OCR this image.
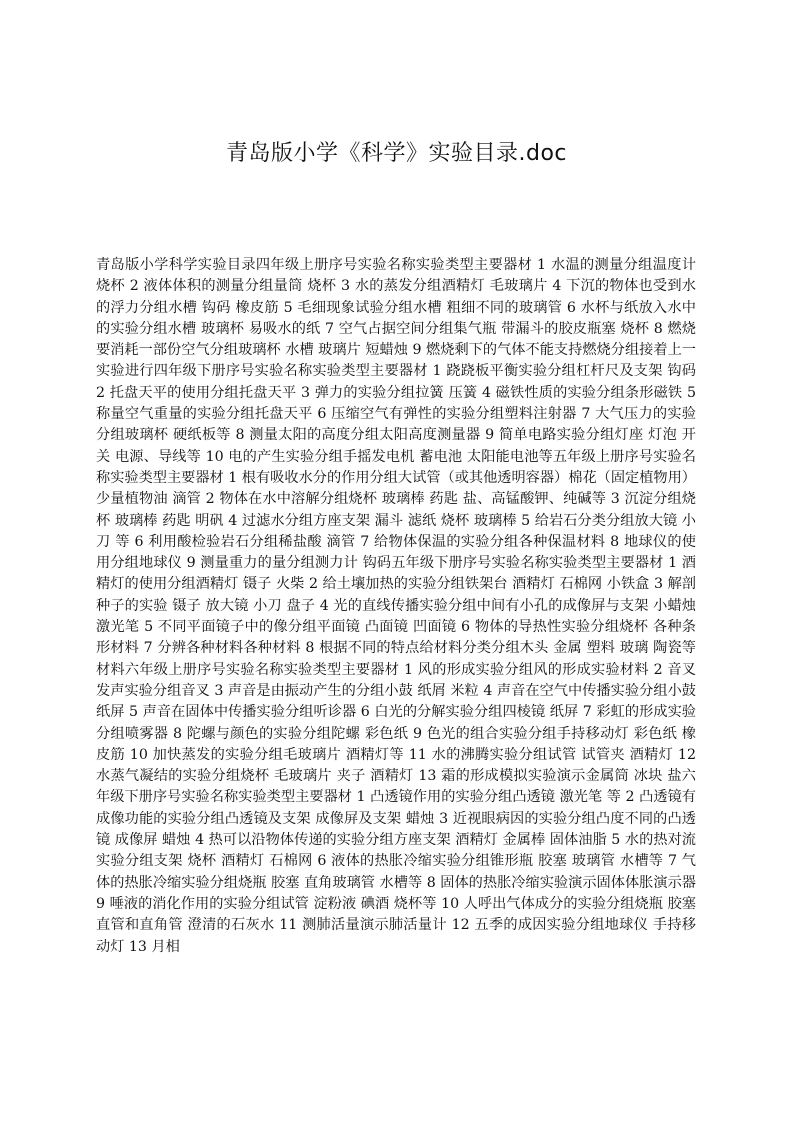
青岛版小学《科学》实验目录.doc

青岛版小学科学实验目录四年级上册序号实验名称实验类型主要器材 1 水温的测量分组温度计 烧杯 2 液体体积的测量分组量筒 烧杯 3 水的蒸发分组酒精灯 毛玻璃片 4 下沉的物体也受到水的浮力分组水槽 钩码 橡皮筋 5 毛细现象试验分组水槽 粗细不同的玻璃管 6 水杯与纸放入水中的实验分组水槽 玻璃杯 易吸水的纸 7 空气占据空间分组集气瓶 带漏斗的胶皮瓶塞 烧杯 8 燃烧要消耗一部份空气分组玻璃杯 水槽 玻璃片 短蜡烛 9 燃烧剩下的气体不能支持燃烧分组接着上一实验进行四年级下册序号实验名称实验类型主要器材 1 跷跷板平衡实验分组杠杆尺及支架 钩码 2 托盘天平的使用分组托盘天平 3 弹力的实验分组拉簧 压簧 4 磁铁性质的实验分组条形磁铁 5 称量空气重量的实验分组托盘天平 6 压缩空气有弹性的实验分组塑料注射器 7 大气压力的实验分组玻璃杯 硬纸板等 8 测量太阳的高度分组太阳高度测量器 9 简单电路实验分组灯座 灯泡 开关 电源、导线等 10 电的产生实验分组手摇发电机 蓄电池 太阳能电池等五年级上册序号实验名称实验类型主要器材 1 根有吸收水分的作用分组大试管（或其他透明容器）棉花（固定植物用） 少量植物油 滴管 2 物体在水中溶解分组烧杯 玻璃棒 药匙 盐、高锰酸钾、纯碱等 3 沉淀分组烧杯 玻璃棒 药匙 明矾 4 过滤水分组方座支架 漏斗 滤纸 烧杯 玻璃棒 5 给岩石分类分组放大镜 小刀 等 6 利用酸检验岩石分组稀盐酸 滴管 7 给物体保温的实验分组各种保温材料 8 地球仪的使用分组地球仪 9 测量重力的量分组测力计 钩码五年级下册序号实验名称实验类型主要器材 1 酒精灯的使用分组酒精灯 镊子 火柴 2 给土壤加热的实验分组铁架台 酒精灯 石棉网 小铁盒 3 解剖种子的实验 镊子 放大镜 小刀 盘子 4 光的直线传播实验分组中间有小孔的成像屏与支架 小蜡烛 激光笔 5 不同平面镜子中的像分组平面镜 凸面镜 凹面镜 6 物体的导热性实验分组烧杯 各种条形材料 7 分辨各种材料各种材料 8 根据不同的特点给材料分类分组木头 金属 塑料 玻璃 陶瓷等材料六年级上册序号实验名称实验类型主要器材 1 风的形成实验分组风的形成实验材料 2 音叉发声实验分组音叉 3 声音是由振动产生的分组小鼓 纸屑 米粒 4 声音在空气中传播实验分组小鼓 纸屏 5 声音在固体中传播实验分组听诊器 6 白光的分解实验分组四棱镜 纸屏 7 彩虹的形成实验分组喷雾器 8 陀螺与颜色的实验分组陀螺 彩色纸 9 色光的组合实验分组手持移动灯 彩色纸 橡皮筋 10 加快蒸发的实验分组毛玻璃片 酒精灯等 11 水的沸腾实验分组试管 试管夹 酒精灯 12 水蒸气凝结的实验分组烧杯 毛玻璃片 夹子 酒精灯 13 霜的形成模拟实验演示金属筒 冰块 盐六年级下册序号实验名称实验类型主要器材 1 凸透镜作用的实验分组凸透镜 激光笔 等 2 凸透镜有成像功能的实验分组凸透镜及支架 成像屏及支架 蜡烛 3 近视眼病因的实验分组凸度不同的凸透镜 成像屏 蜡烛 4 热可以沿物体传递的实验分组方座支架 酒精灯 金属棒 固体油脂 5 水的热对流实验分组支架 烧杯 酒精灯 石棉网 6 液体的热胀冷缩实验分组锥形瓶 胶塞 玻璃管 水槽等 7 气体的热胀冷缩实验分组烧瓶 胶塞 直角玻璃管 水槽等 8 固体的热胀冷缩实验演示固体体胀演示器 9 唾液的消化作用的实验分组试管 淀粉液 碘酒 烧杯等 10 人呼出气体成分的实验分组烧瓶 胶塞 直管和直角管 澄清的石灰水 11 测肺活量演示肺活量计 12 五季的成因实验分组地球仪 手持移动灯 13 月相
